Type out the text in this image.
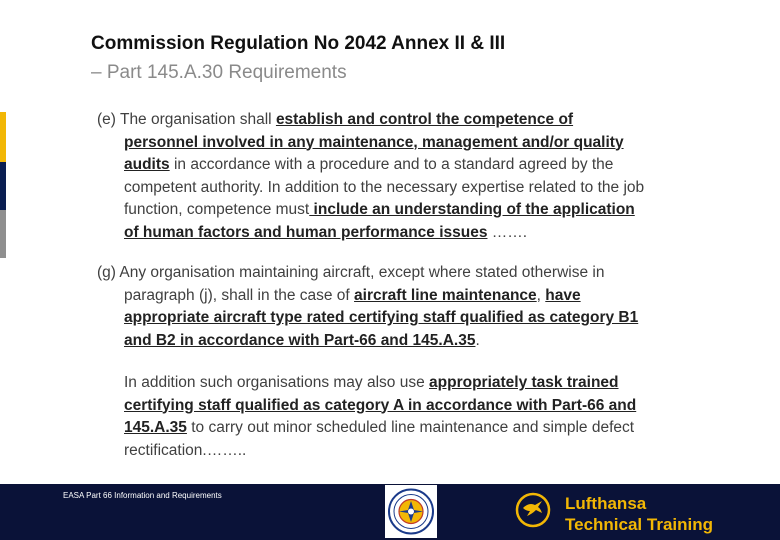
Commission Regulation No 2042 Annex II & III
– Part 145.A.30 Requirements
(e) The organisation shall establish and control the competence of
personnel involved in any maintenance, management and/or quality
audits in accordance with a procedure and to a standard agreed by the
competent authority. In addition to the necessary expertise related to the job
function, competence must include an understanding of the application
of human factors and human performance issues …….
(g) Any organisation maintaining aircraft, except where stated otherwise in
paragraph (j), shall in the case of aircraft line maintenance, have
appropriate aircraft type rated certifying staff qualified as category B1
and B2 in accordance with Part-66 and 145.A.35.
In addition such organisations may also use appropriately task trained
certifying staff qualified as category A in accordance with Part-66 and
145.A.35 to carry out minor scheduled line maintenance and simple defect
rectification.……..
EASA Part 66 Information and Requirements	Lufthansa
Technical Training
